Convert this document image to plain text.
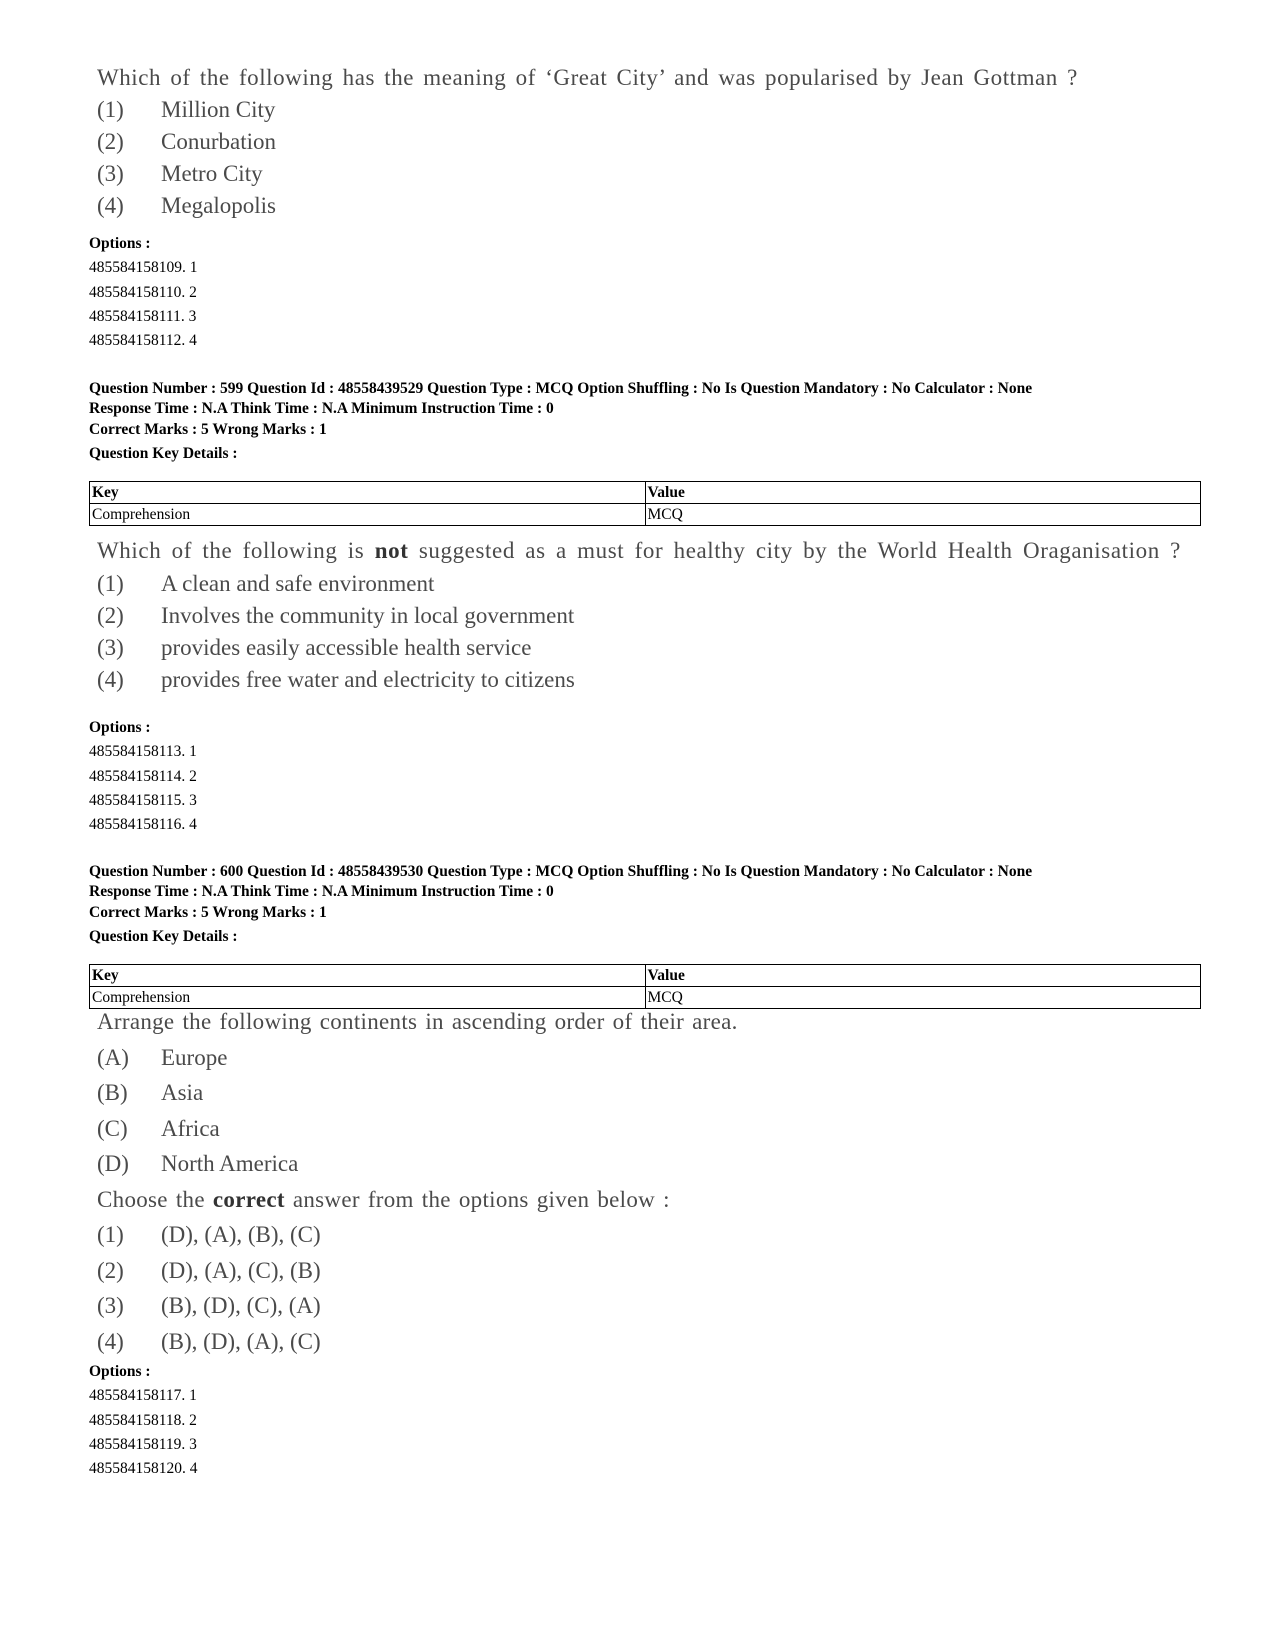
Which of the following has the meaning of ‘Great City’ and was popularised by Jean Gottman ?

(1)	Million City
(2)	Conurbation
(3)	Metro City
(4)	Megalopolis
Options :
485584158109. 1
485584158110. 2
485584158111. 3
485584158112. 4
Question Number : 599 Question Id : 48558439529 Question Type : MCQ Option Shuffling : No Is Question Mandatory : No Calculator : None
Response Time : N.A Think Time : N.A Minimum Instruction Time : 0
Correct Marks : 5 Wrong Marks : 1
Question Key Details :
Key	Value
Comprehension	MCQ

Which of the following is not suggested as a must for healthy city by the World Health Oraganisation ?

(1)	A clean and safe environment
(2)	Involves the community in local government
(3)	provides easily accessible health service
(4)	provides free water and electricity to citizens
Options :
485584158113. 1
485584158114. 2
485584158115. 3
485584158116. 4
Question Number : 600 Question Id : 48558439530 Question Type : MCQ Option Shuffling : No Is Question Mandatory : No Calculator : None
Response Time : N.A Think Time : N.A Minimum Instruction Time : 0
Correct Marks : 5 Wrong Marks : 1
Question Key Details :
Key	Value
Comprehension	MCQ

Arrange the following continents in ascending order of their area.

(A)	Europe
(B)	Asia
(C)	Africa
(D)	North America

Choose the correct answer from the options given below :

(1)	(D), (A), (B), (C)
(2)	(D), (A), (C), (B)
(3)	(B), (D), (C), (A)
(4)	(B), (D), (A), (C)
Options :
485584158117. 1
485584158118. 2
485584158119. 3
485584158120. 4
